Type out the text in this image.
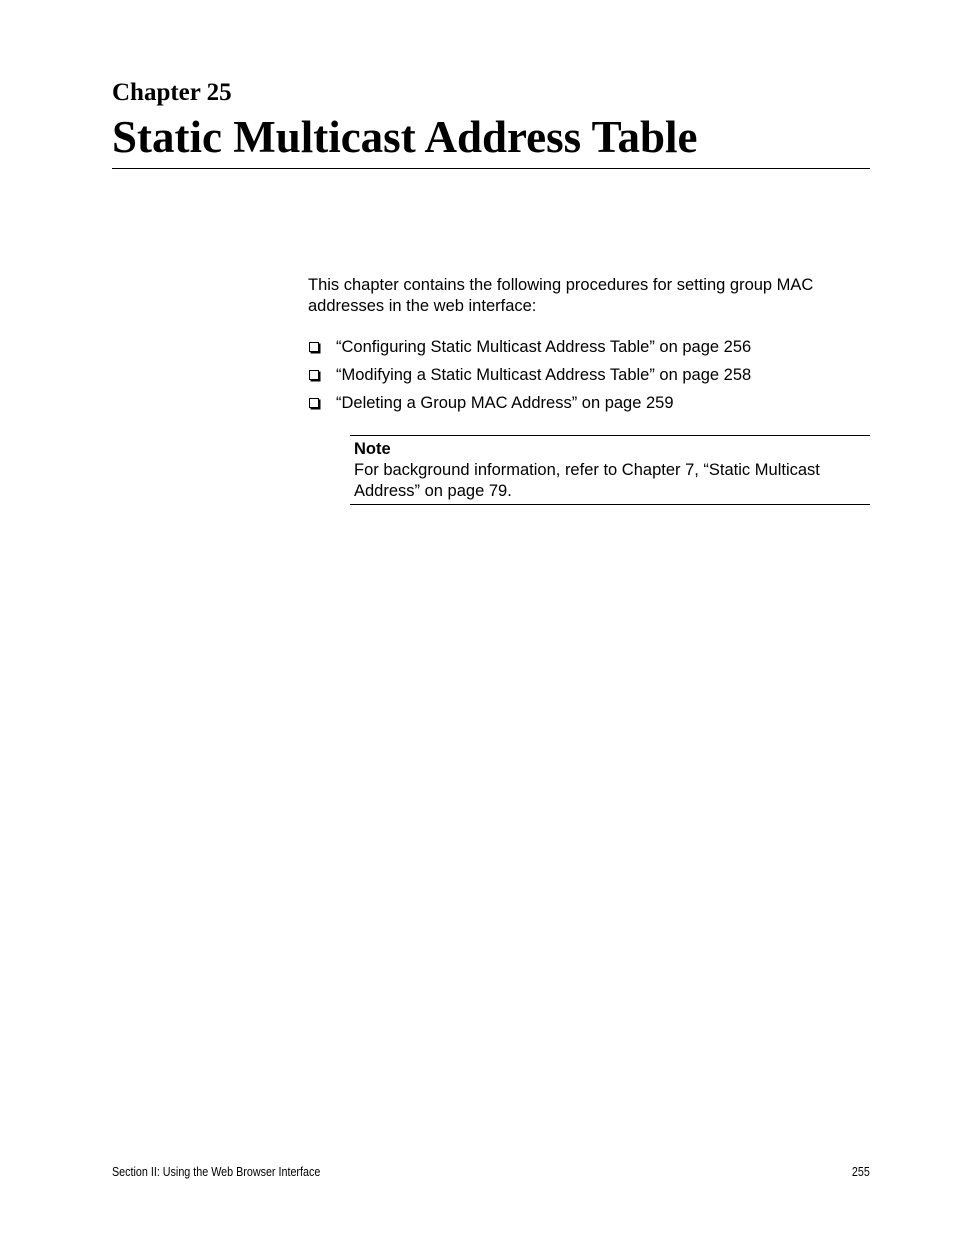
Chapter 25
Static Multicast Address Table

This chapter contains the following procedures for setting group MAC addresses in the web interface:

“Configuring Static Multicast Address Table” on page 256
“Modifying a Static Multicast Address Table” on page 258
“Deleting a Group MAC Address” on page 259

Note

For background information, refer to Chapter 7, “Static Multicast Address” on page 79.

Section II: Using the Web Browser Interface	255
